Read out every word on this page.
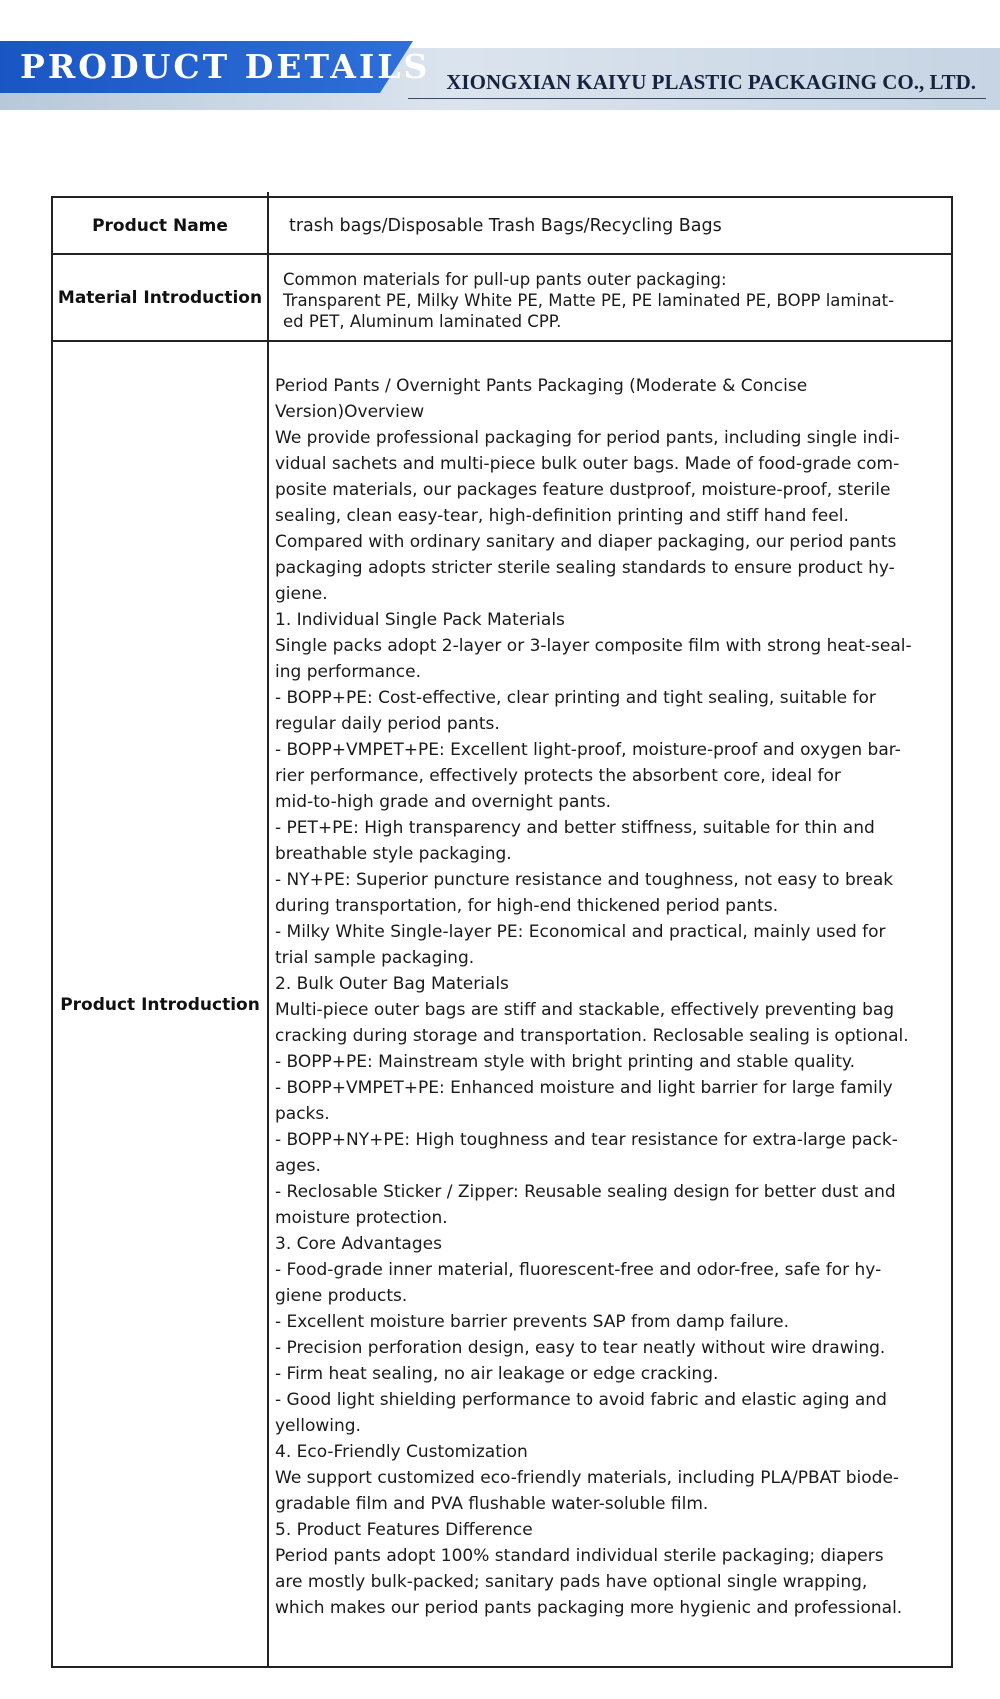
PRODUCT DETAILS XIONGXIAN KAIYU PLASTIC PACKAGING CO., LTD.
Product Name	trash bags/Disposable Trash Bags/Recycling Bags
Material Introduction
Common materials for pull-up pants outer packaging:
Transparent PE, Milky White PE, Matte PE, PE laminated PE, BOPP laminat-
ed PET, Aluminum laminated CPP.
Product Introduction
Period Pants / Overnight Pants Packaging (Moderate & Concise
Version)Overview
We provide professional packaging for period pants, including single indi-
vidual sachets and multi-piece bulk outer bags. Made of food-grade com-
posite materials, our packages feature dustproof, moisture-proof, sterile
sealing, clean easy-tear, high-definition printing and stiff hand feel.
Compared with ordinary sanitary and diaper packaging, our period pants
packaging adopts stricter sterile sealing standards to ensure product hy-
giene.
1. Individual Single Pack Materials
Single packs adopt 2-layer or 3-layer composite film with strong heat-seal-
ing performance.
- BOPP+PE: Cost-effective, clear printing and tight sealing, suitable for
regular daily period pants.
- BOPP+VMPET+PE: Excellent light-proof, moisture-proof and oxygen bar-
rier performance, effectively protects the absorbent core, ideal for
mid-to-high grade and overnight pants.
- PET+PE: High transparency and better stiffness, suitable for thin and
breathable style packaging.
- NY+PE: Superior puncture resistance and toughness, not easy to break
during transportation, for high-end thickened period pants.
- Milky White Single-layer PE: Economical and practical, mainly used for
trial sample packaging.
2. Bulk Outer Bag Materials
Multi-piece outer bags are stiff and stackable, effectively preventing bag
cracking during storage and transportation. Reclosable sealing is optional.
- BOPP+PE: Mainstream style with bright printing and stable quality.
- BOPP+VMPET+PE: Enhanced moisture and light barrier for large family
packs.
- BOPP+NY+PE: High toughness and tear resistance for extra-large pack-
ages.
- Reclosable Sticker / Zipper: Reusable sealing design for better dust and
moisture protection.
3. Core Advantages
- Food-grade inner material, fluorescent-free and odor-free, safe for hy-
giene products.
- Excellent moisture barrier prevents SAP from damp failure.
- Precision perforation design, easy to tear neatly without wire drawing.
- Firm heat sealing, no air leakage or edge cracking.
- Good light shielding performance to avoid fabric and elastic aging and
yellowing.
4. Eco-Friendly Customization
We support customized eco-friendly materials, including PLA/PBAT biode-
gradable film and PVA flushable water-soluble film.
5. Product Features Difference
Period pants adopt 100% standard individual sterile packaging; diapers
are mostly bulk-packed; sanitary pads have optional single wrapping,
which makes our period pants packaging more hygienic and professional.
